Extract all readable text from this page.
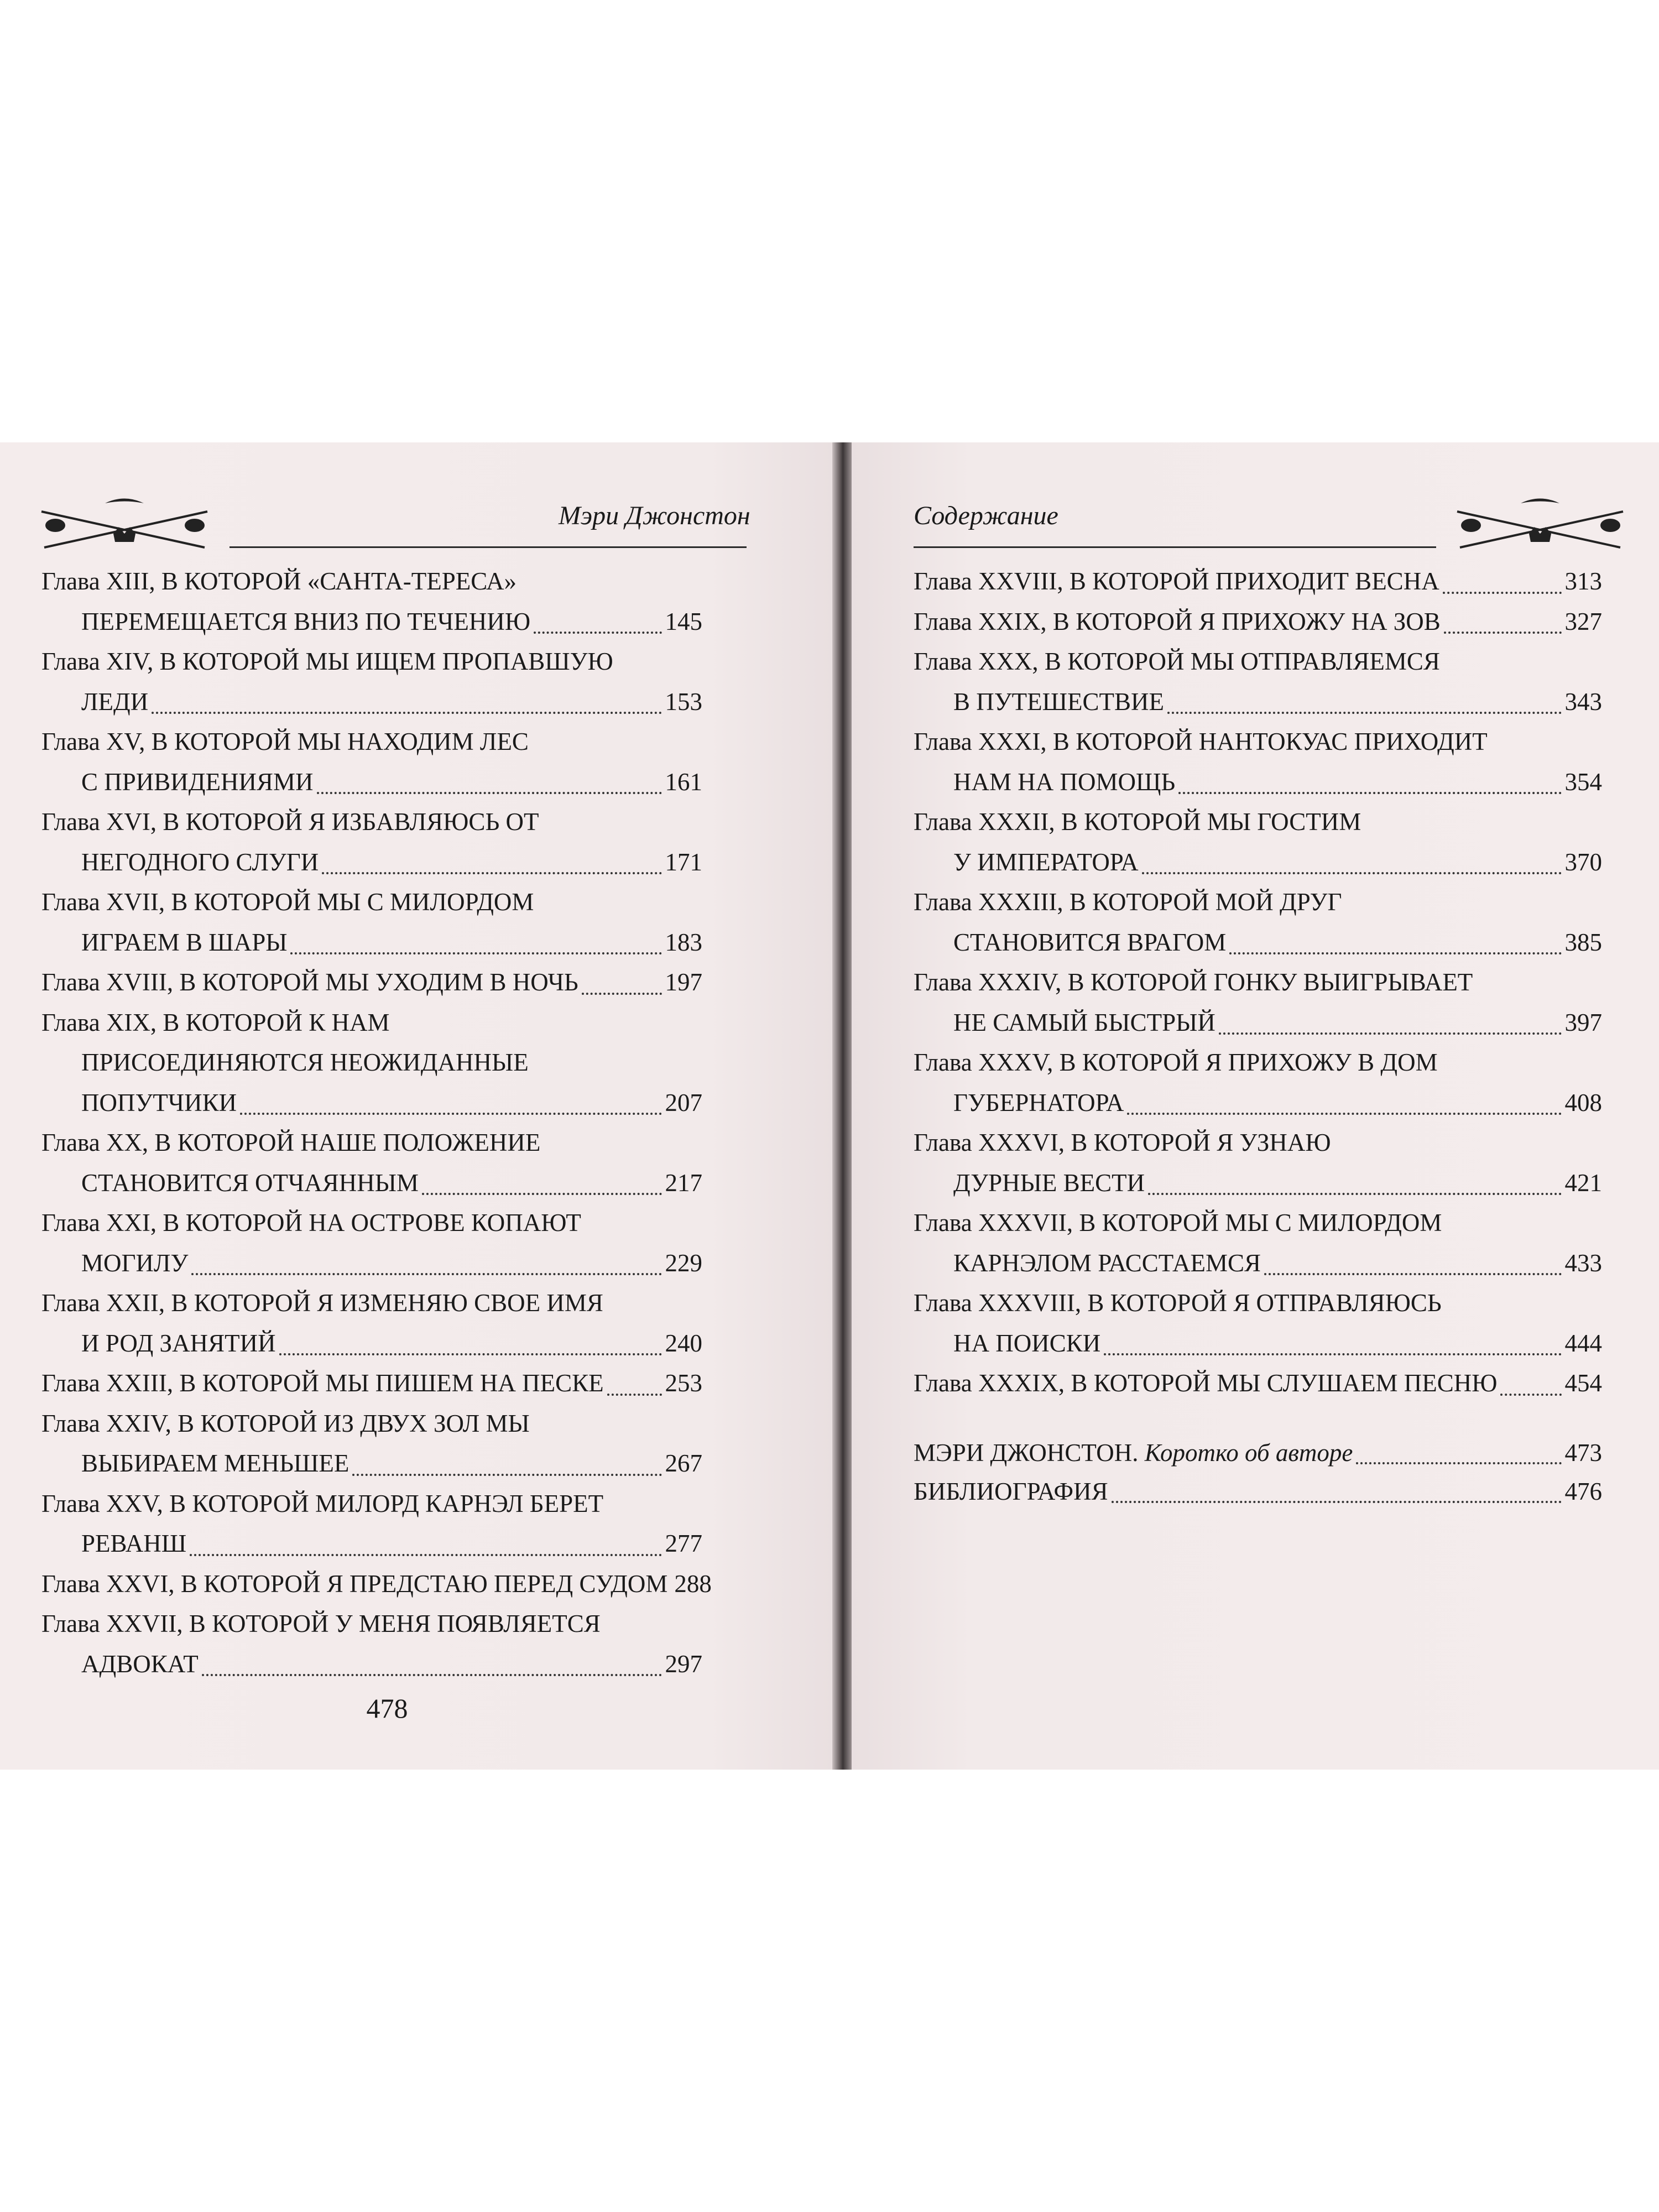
Мэри Джонстон
Глава XIII, В КОТОРОЙ «САНТА-ТЕРЕСА»
ПЕРЕМЕЩАЕТСЯ ВНИЗ ПО ТЕЧЕНИЮ	145
Глава XIV, В КОТОРОЙ МЫ ИЩЕМ ПРОПАВШУЮ
ЛЕДИ	153
Глава XV, В КОТОРОЙ МЫ НАХОДИМ ЛЕС
С ПРИВИДЕНИЯМИ	161
Глава XVI, В КОТОРОЙ Я ИЗБАВЛЯЮСЬ ОТ
НЕГОДНОГО СЛУГИ	171
Глава XVII, В КОТОРОЙ МЫ С МИЛОРДОМ
ИГРАЕМ В ШАРЫ	183
Глава XVIII, В КОТОРОЙ МЫ УХОДИМ В НОЧЬ	197
Глава XIX, В КОТОРОЙ К НАМ
ПРИСОЕДИНЯЮТСЯ НЕОЖИДАННЫЕ
ПОПУТЧИКИ	207
Глава XX, В КОТОРОЙ НАШЕ ПОЛОЖЕНИЕ
СТАНОВИТСЯ ОТЧАЯННЫМ	217
Глава XXI, В КОТОРОЙ НА ОСТРОВЕ КОПАЮТ
МОГИЛУ	229
Глава XXII, В КОТОРОЙ Я ИЗМЕНЯЮ СВОЕ ИМЯ
И РОД ЗАНЯТИЙ	240
Глава XXIII, В КОТОРОЙ МЫ ПИШЕМ НА ПЕСКЕ 253
Глава XXIV, В КОТОРОЙ ИЗ ДВУХ ЗОЛ МЫ
ВЫБИРАЕМ МЕНЬШЕЕ	267
Глава XXV, В КОТОРОЙ МИЛОРД КАРНЭЛ БЕРЕТ
РЕВАНШ	277
Глава XXVI, В КОТОРОЙ Я ПРЕДСТАЮ ПЕРЕД СУДОМ 288
Глава XXVII, В КОТОРОЙ У МЕНЯ ПОЯВЛЯЕТСЯ
АДВОКАТ	297
478
Содержание
Глава XXVIII, В КОТОРОЙ ПРИХОДИТ ВЕСНА	313
Глава XXIX, В КОТОРОЙ Я ПРИХОЖУ НА ЗОВ	327
Глава XXX, В КОТОРОЙ МЫ ОТПРАВЛЯЕМСЯ
В ПУТЕШЕСТВИЕ	343
Глава XXXI, В КОТОРОЙ НАНТОКУАС ПРИХОДИТ
НАМ НА ПОМОЩЬ	354
Глава XXXII, В КОТОРОЙ МЫ ГОСТИМ
У ИМПЕРАТОРА	370
Глава XXXIII, В КОТОРОЙ МОЙ ДРУГ
СТАНОВИТСЯ ВРАГОМ	385
Глава XXXIV, В КОТОРОЙ ГОНКУ ВЫИГРЫВАЕТ
НЕ САМЫЙ БЫСТРЫЙ	397
Глава XXXV, В КОТОРОЙ Я ПРИХОЖУ В ДОМ
ГУБЕРНАТОРА	408
Глава XXXVI, В КОТОРОЙ Я УЗНАЮ
ДУРНЫЕ ВЕСТИ	421
Глава XXXVII, В КОТОРОЙ МЫ С МИЛОРДОМ
КАРНЭЛОМ РАССТАЕМСЯ	433
Глава XXXVIII, В КОТОРОЙ Я ОТПРАВЛЯЮСЬ
НА ПОИСКИ	444
Глава XXXIX, В КОТОРОЙ МЫ СЛУШАЕМ ПЕСНЮ	454
МЭРИ ДЖОНСТОН. Коротко об авторе	473
БИБЛИОГРАФИЯ	476
